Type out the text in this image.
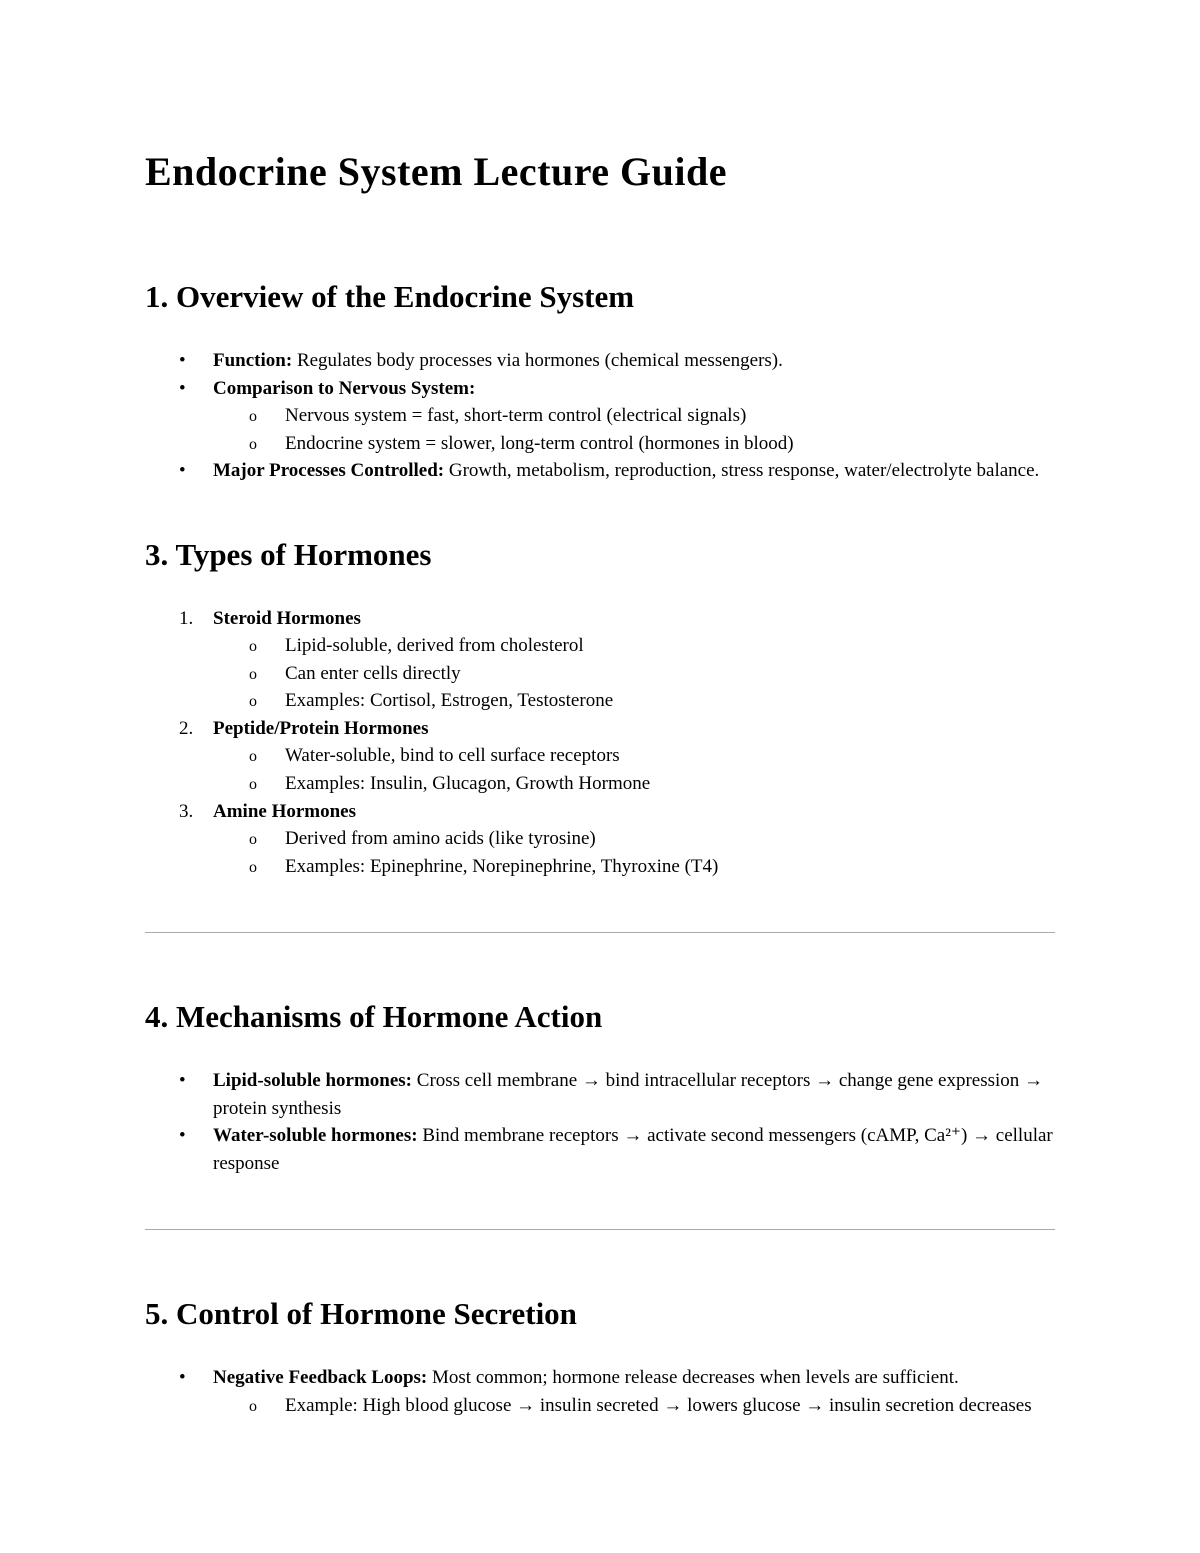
Endocrine System Lecture Guide
1. Overview of the Endocrine System
•	Function: Regulates body processes via hormones (chemical messengers).
•	Comparison to Nervous System:
o	Nervous system = fast, short-term control (electrical signals)
o	Endocrine system = slower, long-term control (hormones in blood)
•	Major Processes Controlled: Growth, metabolism, reproduction, stress response, water/electrolyte balance.
3. Types of Hormones
1.	Steroid Hormones
o	Lipid-soluble, derived from cholesterol
o	Can enter cells directly
o	Examples: Cortisol, Estrogen, Testosterone
2.	Peptide/Protein Hormones
o	Water-soluble, bind to cell surface receptors
o	Examples: Insulin, Glucagon, Growth Hormone
3.	Amine Hormones
o	Derived from amino acids (like tyrosine)
o	Examples: Epinephrine, Norepinephrine, Thyroxine (T4)
4. Mechanisms of Hormone Action
•	Lipid-soluble hormones: Cross cell membrane → bind intracellular receptors → change gene expression → protein synthesis
•	Water-soluble hormones: Bind membrane receptors → activate second messengers (cAMP, Ca²⁺) → cellular response
5. Control of Hormone Secretion
•	Negative Feedback Loops: Most common; hormone release decreases when levels are sufficient.
o	Example: High blood glucose → insulin secreted → lowers glucose → insulin secretion decreases
